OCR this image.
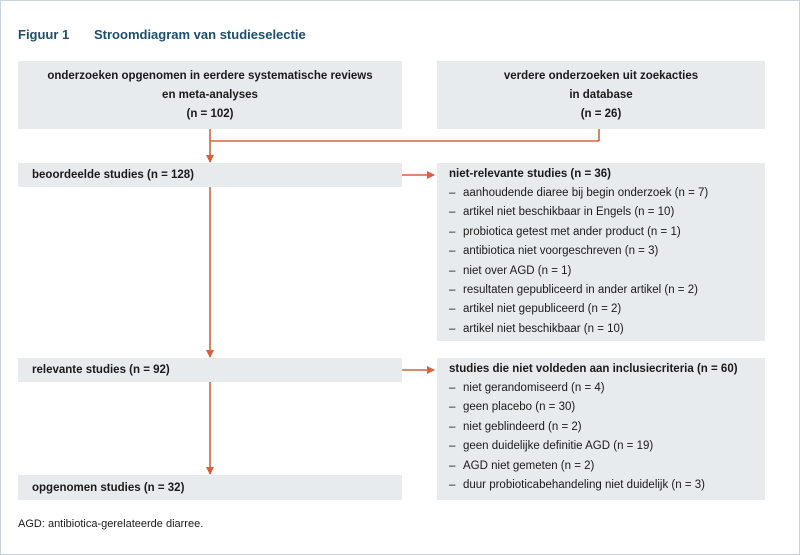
Figuur 1 Stroomdiagram van studieselectie
onderzoeken opgenomen in eerdere systematische reviews
en meta-analyses
(n = 102)
verdere onderzoeken uit zoekacties
in database
(n = 26)
beoordeelde studies (n = 128)
relevante studies (n = 92)
opgenomen studies (n = 32)
niet-relevante studies (n = 36)
– aanhoudende diaree bij begin onderzoek (n = 7)
– artikel niet beschikbaar in Engels (n = 10)
– probiotica getest met ander product (n = 1)
– antibiotica niet voorgeschreven (n = 3)
– niet over AGD (n = 1)
– resultaten gepubliceerd in ander artikel (n = 2)
– artikel niet gepubliceerd (n = 2)
– artikel niet beschikbaar (n = 10)
studies die niet voldeden aan inclusiecriteria (n = 60)
– niet gerandomiseerd (n = 4)
– geen placebo (n = 30)
– niet geblindeerd (n = 2)
– geen duidelijke definitie AGD (n = 19)
– AGD niet gemeten (n = 2)
– duur probioticabehandeling niet duidelijk (n = 3)
AGD: antibiotica-gerelateerde diarree.
